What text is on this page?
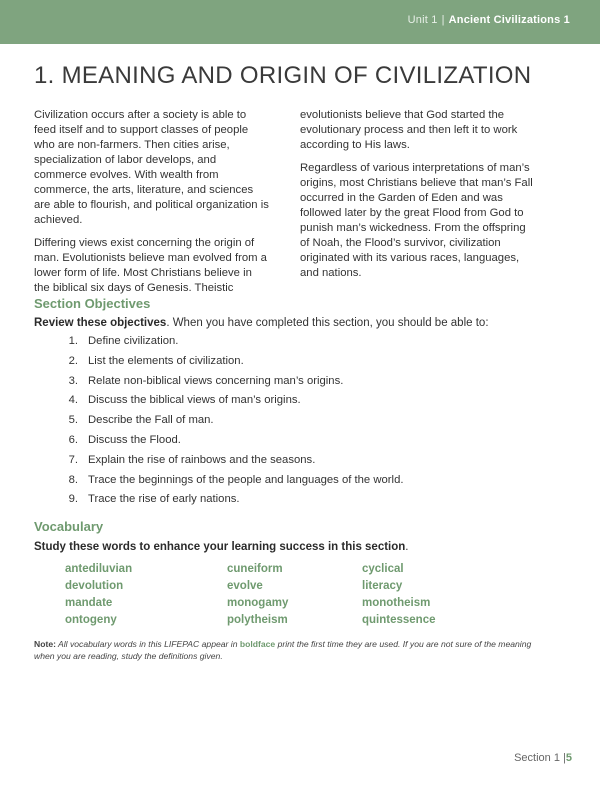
Unit 1 | Ancient Civilizations 1
1. MEANING AND ORIGIN OF CIVILIZATION

Civilization occurs after a society is able to feed itself and to support classes of people who are non-farmers. Then cities arise, specialization of labor develops, and commerce evolves. With wealth from commerce, the arts, literature, and sciences are able to flourish, and political organization is achieved.

Differing views exist concerning the origin of man. Evolutionists believe man evolved from a lower form of life. Most Christians believe in the biblical six days of Genesis. Theistic

evolutionists believe that God started the evolutionary process and then left it to work according to His laws.

Regardless of various interpretations of man’s origins, most Christians believe that man’s Fall occurred in the Garden of Eden and was followed later by the great Flood from God to punish man’s wickedness. From the offspring of Noah, the Flood’s survivor, civilization originated with its various races, languages, and nations.

Section Objectives
Review these objectives. When you have completed this section, you should be able to:
1. Define civilization.
2. List the elements of civilization.
3. Relate non-biblical views concerning man’s origins.
4. Discuss the biblical views of man’s origins.
5. Describe the Fall of man.
6. Discuss the Flood.
7. Explain the rise of rainbows and the seasons.
8. Trace the beginnings of the people and languages of the world.
9. Trace the rise of early nations.
Vocabulary
Study these words to enhance your learning success in this section.
antediluvian	cuneiform	cyclical
devolution	evolve	literacy
mandate	monogamy	monotheism
ontogeny	polytheism	quintessence
Note: All vocabulary words in this LIFEPAC appear in boldface print the first time they are used. If you are not sure of the meaning when you are reading, study the definitions given.
Section 1 |5
